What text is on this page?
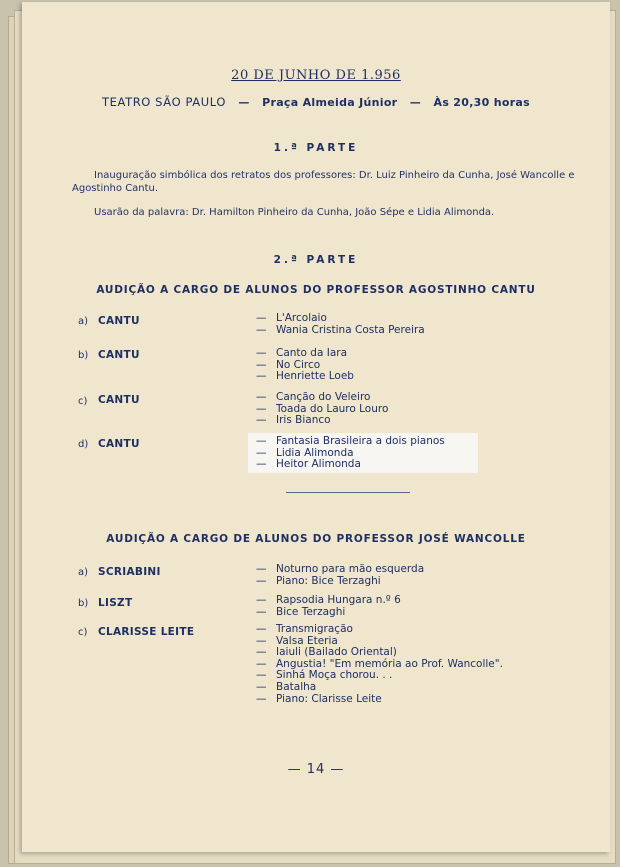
20 DE JUNHO DE 1.956
TEATRO SÃO PAULO — Praça Almeida Júnior — Às 20,30 horas
1.ª PARTE
Inauguração simbólica dos retratos dos professores: Dr. Luiz Pinheiro da Cunha, José Wancolle e Agostinho Cantu.
Usarão da palavra: Dr. Hamilton Pinheiro da Cunha, João Sépe e Lidia Alimonda.
2.ª PARTE
AUDIÇÃO A CARGO DE ALUNOS DO PROFESSOR AGOSTINHO CANTU
a) CANTU	— L'Arcolaio
— Wania Cristina Costa Pereira
b) CANTU	— Canto da Iara
— No Circo
— Henriette Loeb
c) CANTU	— Canção do Veleiro
— Toada do Lauro Louro
— Iris Bianco
d) CANTU	— Fantasia Brasileira a dois pianos
— Lidia Alimonda
— Heitor Alimonda
AUDIÇÃO A CARGO DE ALUNOS DO PROFESSOR JOSÉ WANCOLLE
a) SCRIABINI	— Noturno para mão esquerda
— Piano: Bice Terzaghi
b) LISZT	— Rapsodia Hungara n.º 6
— Bice Terzaghi
c) CLARISSE LEITE	— Transmigração
— Valsa Eteria
— Iaiuli (Bailado Oriental)
— Angustia! "Em memória ao Prof. Wancolle".
— Sinhá Moça chorou. . .
— Batalha
— Piano: Clarisse Leite
— 14 —
